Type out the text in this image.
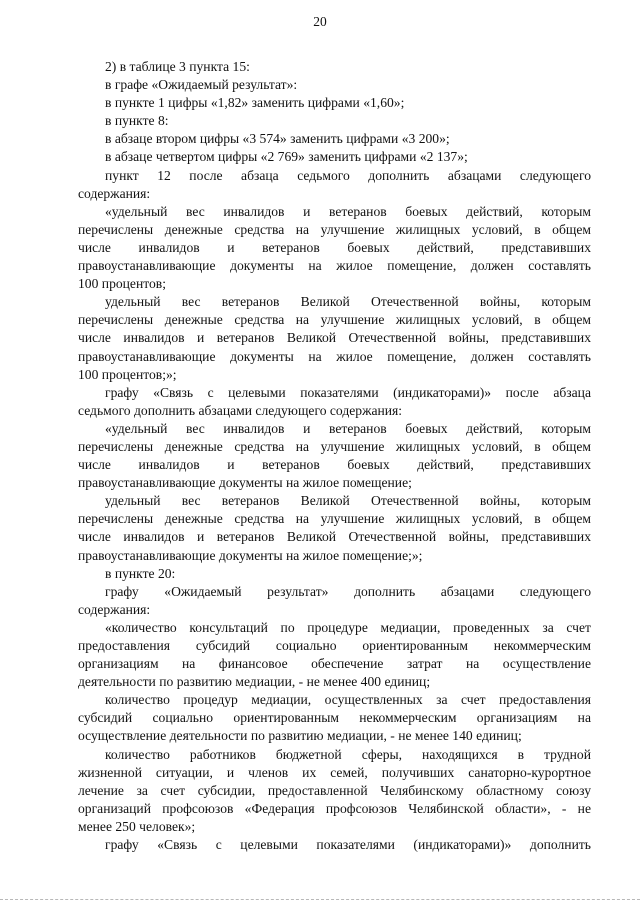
20
2) в таблице 3 пункта 15:
в графе «Ожидаемый результат»:
в пункте 1 цифры «1,82» заменить цифрами «1,60»;
в пункте 8:
в абзаце втором цифры «3 574» заменить цифрами «3 200»;
в абзаце четвертом цифры «2 769» заменить цифрами «2 137»;
пункт 12 после абзаца седьмого дополнить абзацами следующего
содержания:
«удельный вес инвалидов и ветеранов боевых действий, которым
перечислены денежные средства на улучшение жилищных условий, в общем
числе инвалидов и ветеранов боевых действий, представивших
правоустанавливающие документы на жилое помещение, должен составлять
100 процентов;
удельный вес ветеранов Великой Отечественной войны, которым
перечислены денежные средства на улучшение жилищных условий, в общем
числе инвалидов и ветеранов Великой Отечественной войны, представивших
правоустанавливающие документы на жилое помещение, должен составлять
100 процентов;»;
графу «Связь с целевыми показателями (индикаторами)» после абзаца
седьмого дополнить абзацами следующего содержания:
«удельный вес инвалидов и ветеранов боевых действий, которым
перечислены денежные средства на улучшение жилищных условий, в общем
числе инвалидов и ветеранов боевых действий, представивших
правоустанавливающие документы на жилое помещение;
удельный вес ветеранов Великой Отечественной войны, которым
перечислены денежные средства на улучшение жилищных условий, в общем
числе инвалидов и ветеранов Великой Отечественной войны, представивших
правоустанавливающие документы на жилое помещение;»;
в пункте 20:
графу «Ожидаемый результат» дополнить абзацами следующего
содержания:
«количество консультаций по процедуре медиации, проведенных за счет
предоставления субсидий социально ориентированным некоммерческим
организациям на финансовое обеспечение затрат на осуществление
деятельности по развитию медиации, - не менее 400 единиц;
количество процедур медиации, осуществленных за счет предоставления
субсидий социально ориентированным некоммерческим организациям на
осуществление деятельности по развитию медиации, - не менее 140 единиц;
количество работников бюджетной сферы, находящихся в трудной
жизненной ситуации, и членов их семей, получивших санаторно-курортное
лечение за счет субсидии, предоставленной Челябинскому областному союзу
организаций профсоюзов «Федерация профсоюзов Челябинской области», - не
менее 250 человек»;
графу «Связь с целевыми показателями (индикаторами)» дополнить
